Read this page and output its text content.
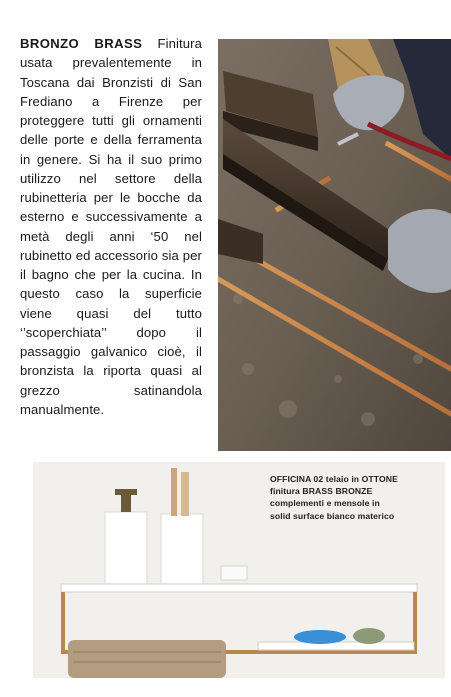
BRONZO BRASS Finitura usata prevalentemente in Toscana dai Bronzisti di San Frediano a Firenze per proteggere tutti gli ornamenti delle porte e della ferramenta in genere. Si ha il suo primo utilizzo nel settore della rubinetteria per le bocche da esterno e successivamente a metà degli anni ‘50 nel rubinetto ed accessorio sia per il bagno che per la cucina. In questo caso la superficie viene quasi del tutto ‘’scoperchiata’’ dopo il passaggio galvanico cioè, il bronzista la riporta quasi al grezzo satinandola manualmente.
OFFICINA 02 telaio in OTTONE
finitura BRASS BRONZE
complementi e mensole in
solid surface bianco materico
